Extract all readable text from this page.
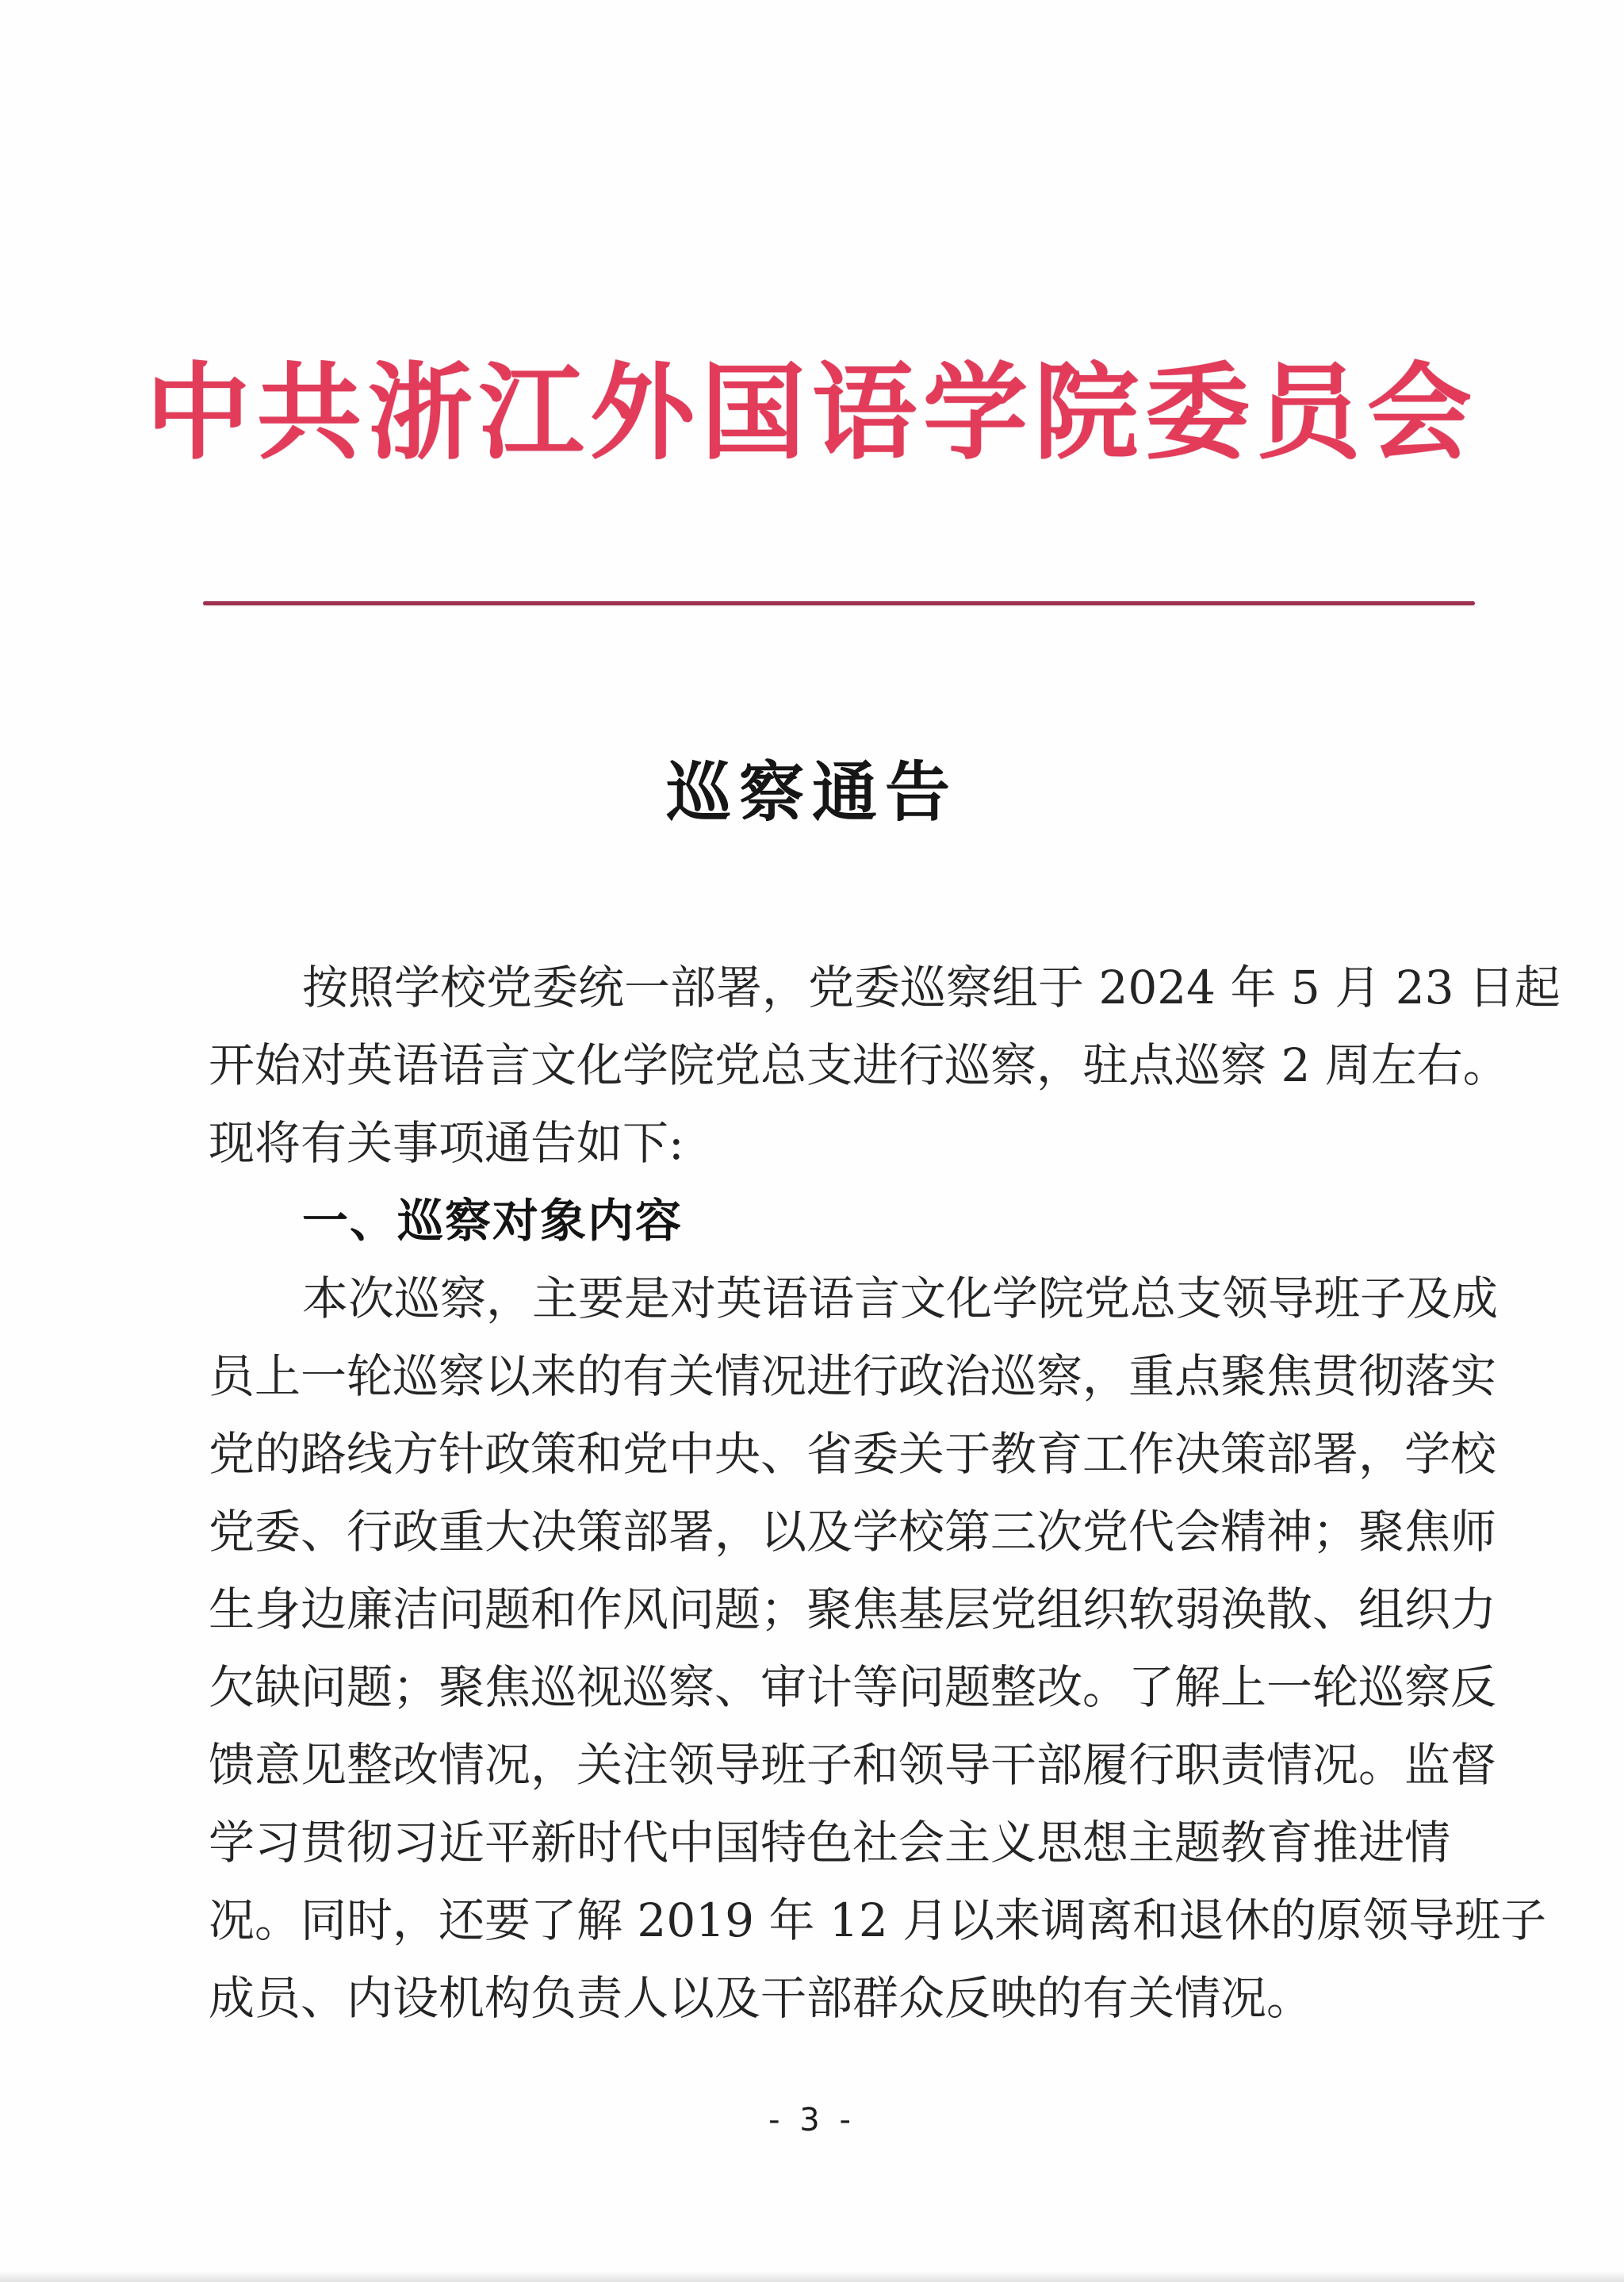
中共浙江外国语学院委员会
巡察通告
按照学校党委统一部署，党委巡察组于 2024 年 5 月 23 日起
开始对英语语言文化学院党总支进行巡察，驻点巡察 2 周左右。
现将有关事项通告如下:
一、巡察对象内容
本次巡察，主要是对英语语言文化学院党总支领导班子及成
员上一轮巡察以来的有关情况进行政治巡察，重点聚焦贯彻落实
党的路线方针政策和党中央、省委关于教育工作决策部署，学校
党委、行政重大决策部署，以及学校第三次党代会精神；聚焦师
生身边廉洁问题和作风问题；聚焦基层党组织软弱涣散、组织力
欠缺问题；聚焦巡视巡察、审计等问题整改。了解上一轮巡察反
馈意见整改情况，关注领导班子和领导干部履行职责情况。监督
学习贯彻习近平新时代中国特色社会主义思想主题教育推进情
况。同时，还要了解 2019 年 12 月以来调离和退休的原领导班子
成员、内设机构负责人以及干部群众反映的有关情况。
- 3 -
